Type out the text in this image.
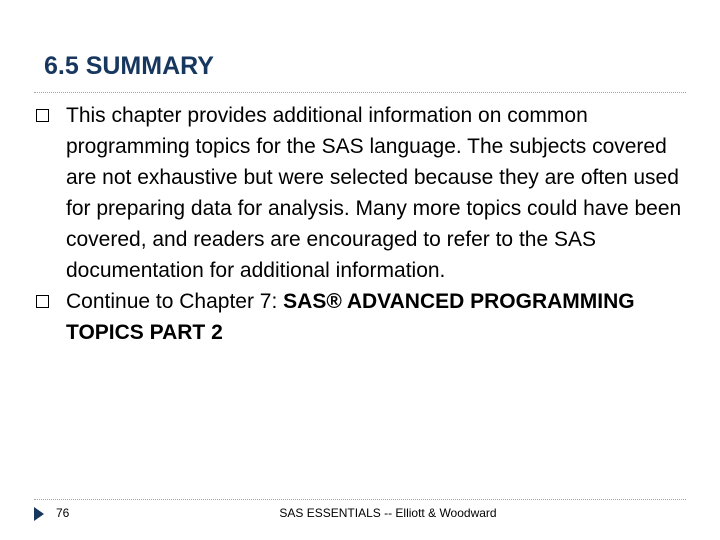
6.5 SUMMARY
This chapter provides additional information on common programming topics for the SAS language. The subjects covered are not exhaustive but were selected because they are often used for preparing data for analysis. Many more topics could have been covered, and readers are encouraged to refer to the SAS documentation for additional information.
Continue to Chapter 7: SAS® ADVANCED PROGRAMMING TOPICS PART 2
76	SAS ESSENTIALS -- Elliott & Woodward
